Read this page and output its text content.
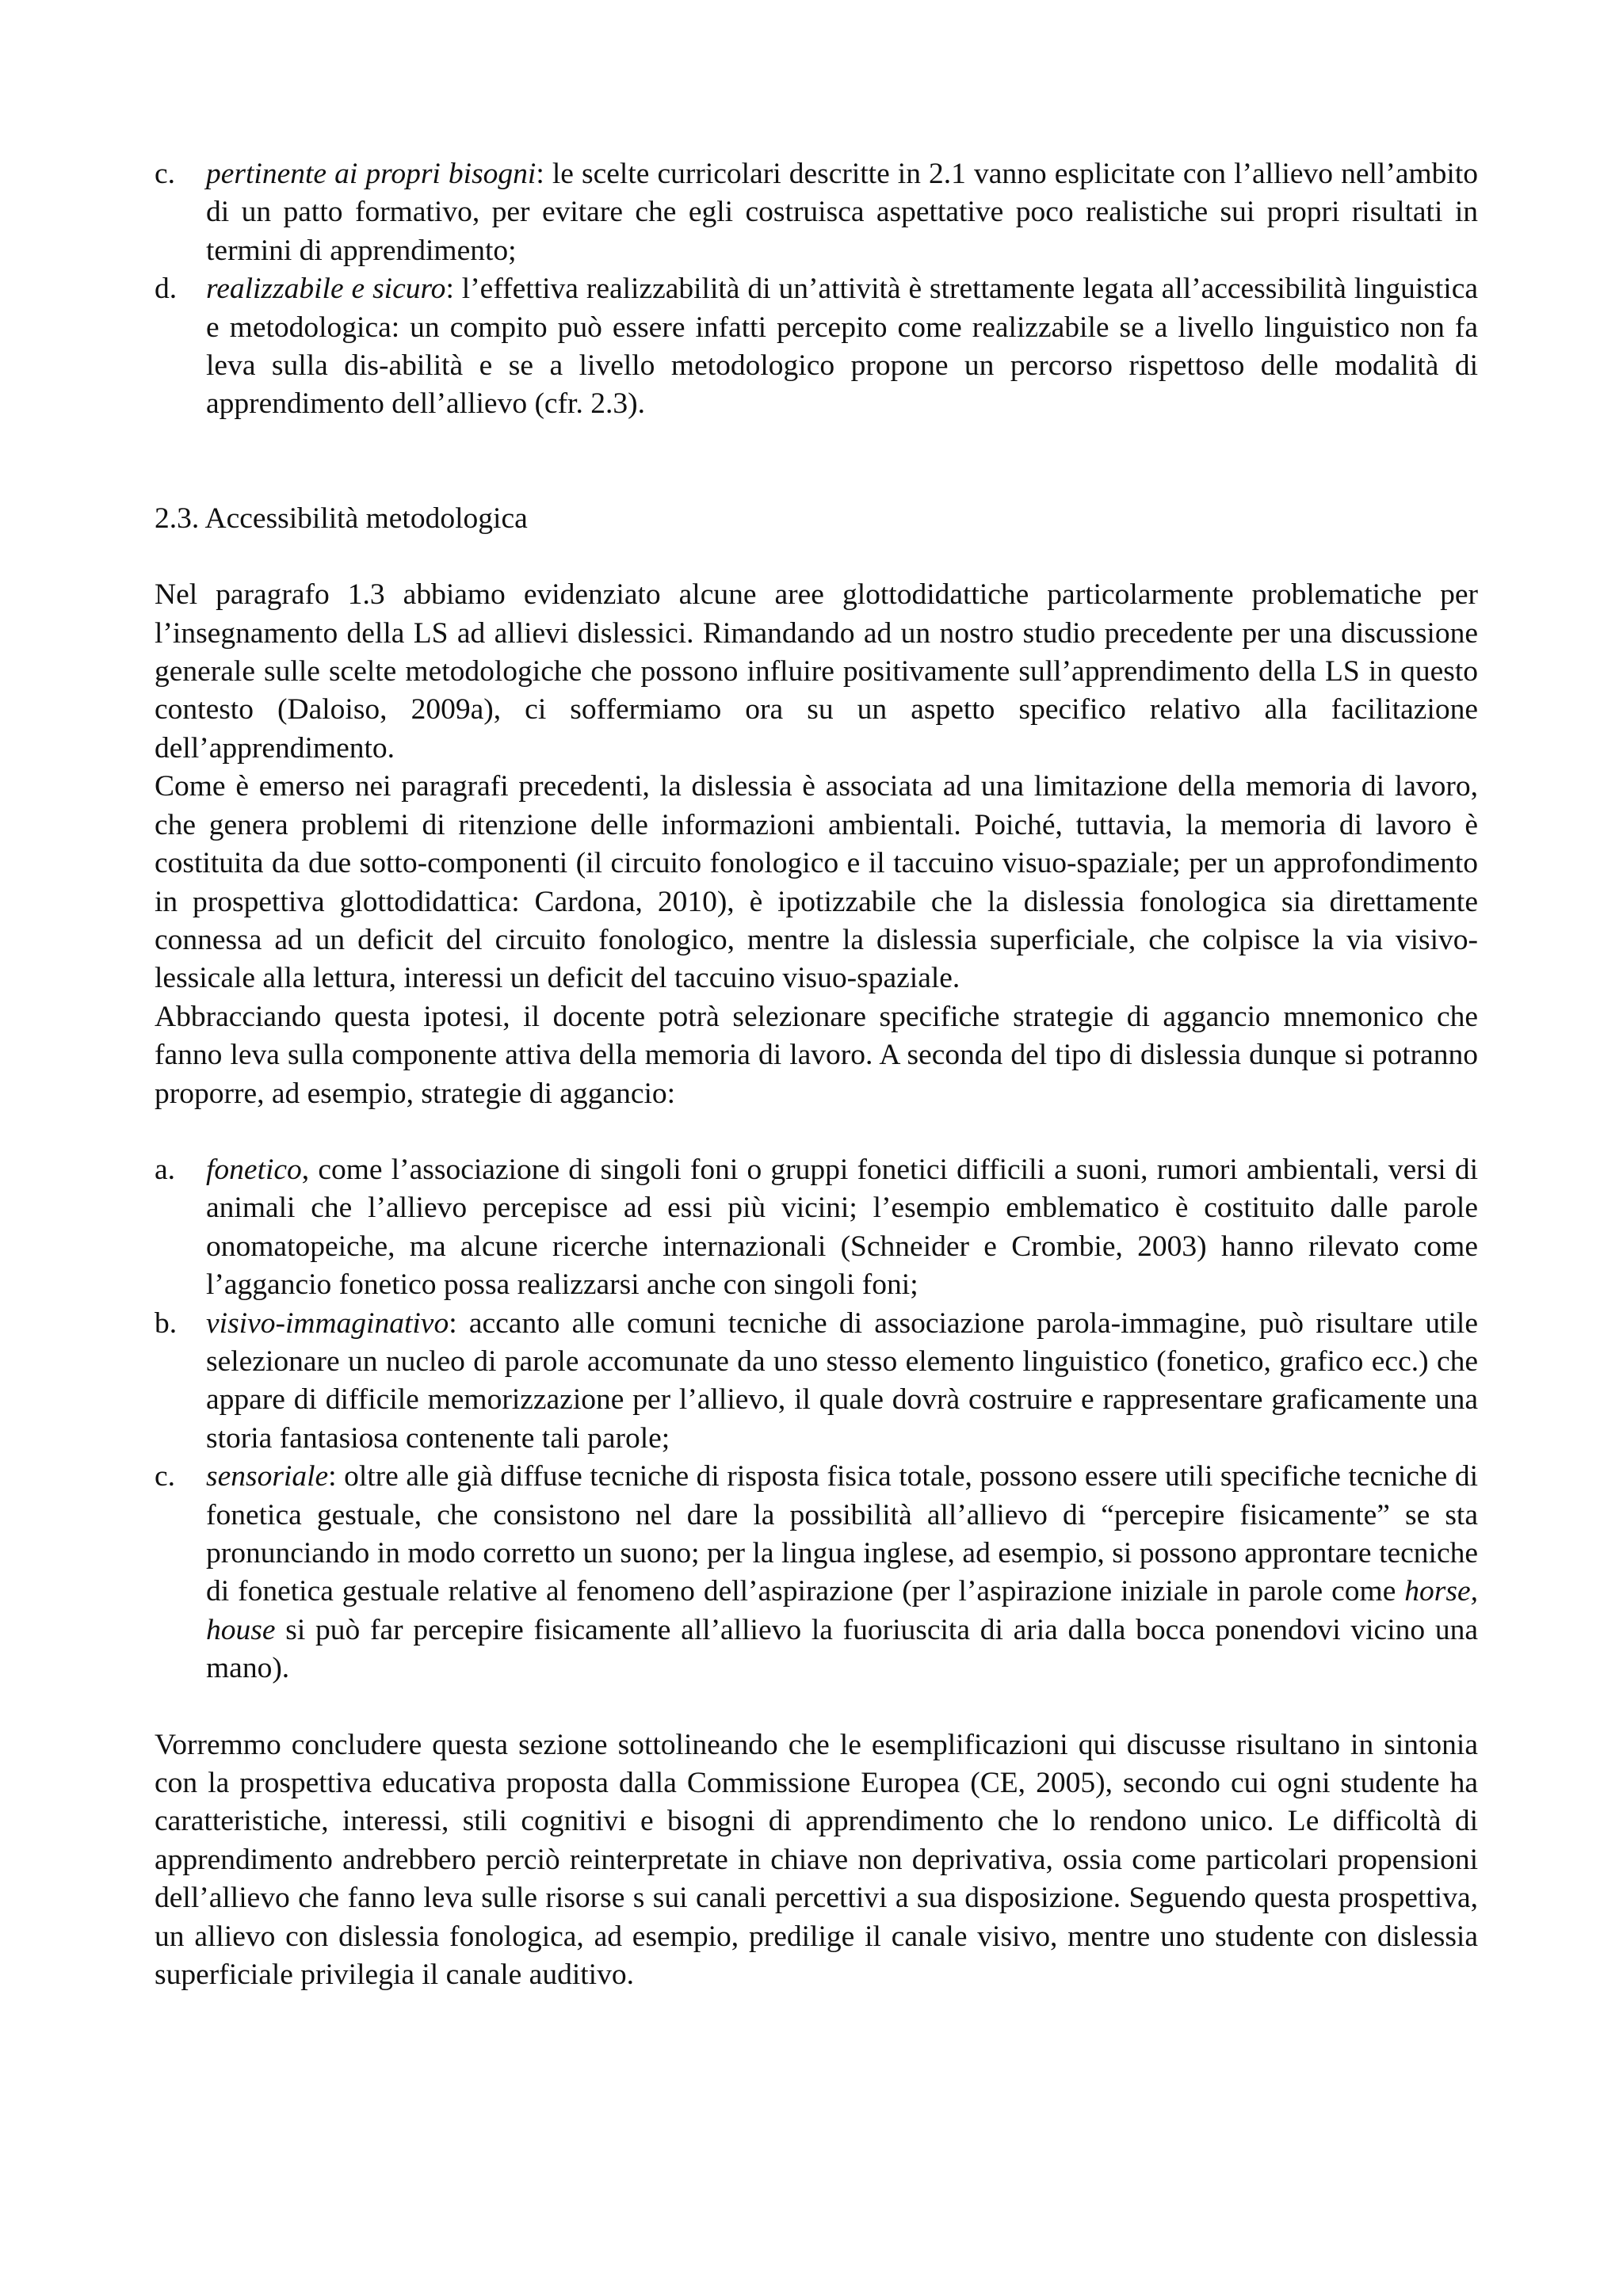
c.	pertinente ai propri bisogni: le scelte curricolari descritte in 2.1 vanno esplicitate con l’allievo nell’ambito di un patto formativo, per evitare che egli costruisca aspettative poco realistiche sui propri risultati in termini di apprendimento;
d. realizzabile e sicuro: l’effettiva realizzabilità di un’attività è strettamente legata all’accessibilità linguistica e metodologica: un compito può essere infatti percepito come realizzabile se a livello linguistico non fa leva sulla dis-abilità e se a livello metodologico propone un percorso rispettoso delle modalità di apprendimento dell’allievo (cfr. 2.3).
2.3. Accessibilità metodologica

Nel paragrafo 1.3 abbiamo evidenziato alcune aree glottodidattiche particolarmente problematiche per l’insegnamento della LS ad allievi dislessici. Rimandando ad un nostro studio precedente per una discussione generale sulle scelte metodologiche che possono influire positivamente sull’apprendimento della LS in questo contesto (Daloiso, 2009a), ci soffermiamo ora su un aspetto specifico relativo alla facilitazione dell’apprendimento.

Come è emerso nei paragrafi precedenti, la dislessia è associata ad una limitazione della memoria di lavoro, che genera problemi di ritenzione delle informazioni ambientali. Poiché, tuttavia, la memoria di lavoro è costituita da due sotto-componenti (il circuito fonologico e il taccuino visuo-spaziale; per un approfondimento in prospettiva glottodidattica: Cardona, 2010), è ipotizzabile che la dislessia fonologica sia direttamente connessa ad un deficit del circuito fonologico, mentre la dislessia superficiale, che colpisce la via visivo-lessicale alla lettura, interessi un deficit del taccuino visuo-spaziale.

Abbracciando questa ipotesi, il docente potrà selezionare specifiche strategie di aggancio mnemonico che fanno leva sulla componente attiva della memoria di lavoro. A seconda del tipo di dislessia dunque si potranno proporre, ad esempio, strategie di aggancio:

a.	fonetico, come l’associazione di singoli foni o gruppi fonetici difficili a suoni, rumori ambientali, versi di animali che l’allievo percepisce ad essi più vicini; l’esempio emblematico è costituito dalle parole onomatopeiche, ma alcune ricerche internazionali (Schneider e Crombie, 2003) hanno rilevato come l’aggancio fonetico possa realizzarsi anche con singoli foni;
b. visivo-immaginativo: accanto alle comuni tecniche di associazione parola-immagine, può risultare utile selezionare un nucleo di parole accomunate da uno stesso elemento linguistico (fonetico, grafico ecc.) che appare di difficile memorizzazione per l’allievo, il quale dovrà costruire e rappresentare graficamente una storia fantasiosa contenente tali parole;
c.	sensoriale: oltre alle già diffuse tecniche di risposta fisica totale, possono essere utili specifiche tecniche di fonetica gestuale, che consistono nel dare la possibilità all’allievo di “percepire fisicamente” se sta pronunciando in modo corretto un suono; per la lingua inglese, ad esempio, si possono approntare tecniche di fonetica gestuale relative al fenomeno dell’aspirazione (per l’aspirazione iniziale in parole come horse, house si può far percepire fisicamente all’allievo la fuoriuscita di aria dalla bocca ponendovi vicino una mano).

Vorremmo concludere questa sezione sottolineando che le esemplificazioni qui discusse risultano in sintonia con la prospettiva educativa proposta dalla Commissione Europea (CE, 2005), secondo cui ogni studente ha caratteristiche, interessi, stili cognitivi e bisogni di apprendimento che lo rendono unico. Le difficoltà di apprendimento andrebbero perciò reinterpretate in chiave non deprivativa, ossia come particolari propensioni dell’allievo che fanno leva sulle risorse s sui canali percettivi a sua disposizione. Seguendo questa prospettiva, un allievo con dislessia fonologica, ad esempio, predilige il canale visivo, mentre uno studente con dislessia superficiale privilegia il canale auditivo.
